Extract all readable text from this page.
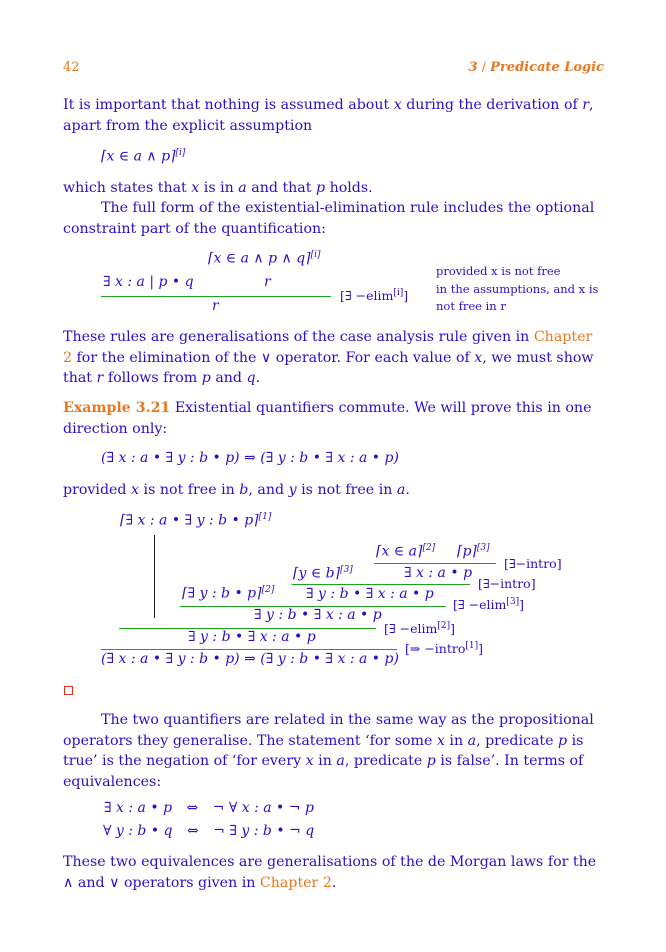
42	3 / Predicate Logic
It is important that nothing is assumed about x during the derivation of r, apart from the explicit assumption
⌈x ∈ a ∧ p⌉[i]
which states that x is in a and that p holds.
The full form of the existential-elimination rule includes the optional constraint part of the quantification:
⌈x ∈ a ∧ p ∧ q⌉[i]
∃ x : a | p • q	r
r
[∃ −elim[i]]
provided x is not free
in the assumptions, and x is
not free in r
These rules are generalisations of the case analysis rule given in Chapter 2 for the elimination of the ∨ operator. For each value of x, we must show that r follows from p and q.
Example 3.21 Existential quantifiers commute. We will prove this in one direction only:
(∃ x : a • ∃ y : b • p) ⇒ (∃ y : b • ∃ x : a • p)
provided x is not free in b, and y is not free in a.
⌈∃ x : a • ∃ y : b • p⌉[1]
⌈x ∈ a⌉[2] ⌈p⌉[3]
[∃−intro]
⌈y ∈ b⌉[3]	∃ x : a • p
[∃−intro]
⌈∃ y : b • p⌉[2] ∃ y : b • ∃ x : a • p
[∃ −elim[3]]
∃ y : b • ∃ x : a • p
[∃ −elim[2]]
∃ y : b • ∃ x : a • p
[⇒ −intro[1]]
(∃ x : a • ∃ y : b • p) ⇒ (∃ y : b • ∃ x : a • p)
The two quantifiers are related in the same way as the propositional operators they generalise. The statement ‘for some x in a, predicate p is true’ is the negation of ‘for every x in a, predicate p is false’. In terms of equivalences:
∃ x : a • p ⇔ ¬ ∀ x : a • ¬ p
∀ y : b • q ⇔ ¬ ∃ y : b • ¬ q
These two equivalences are generalisations of the de Morgan laws for the ∧ and ∨ operators given in Chapter 2.
